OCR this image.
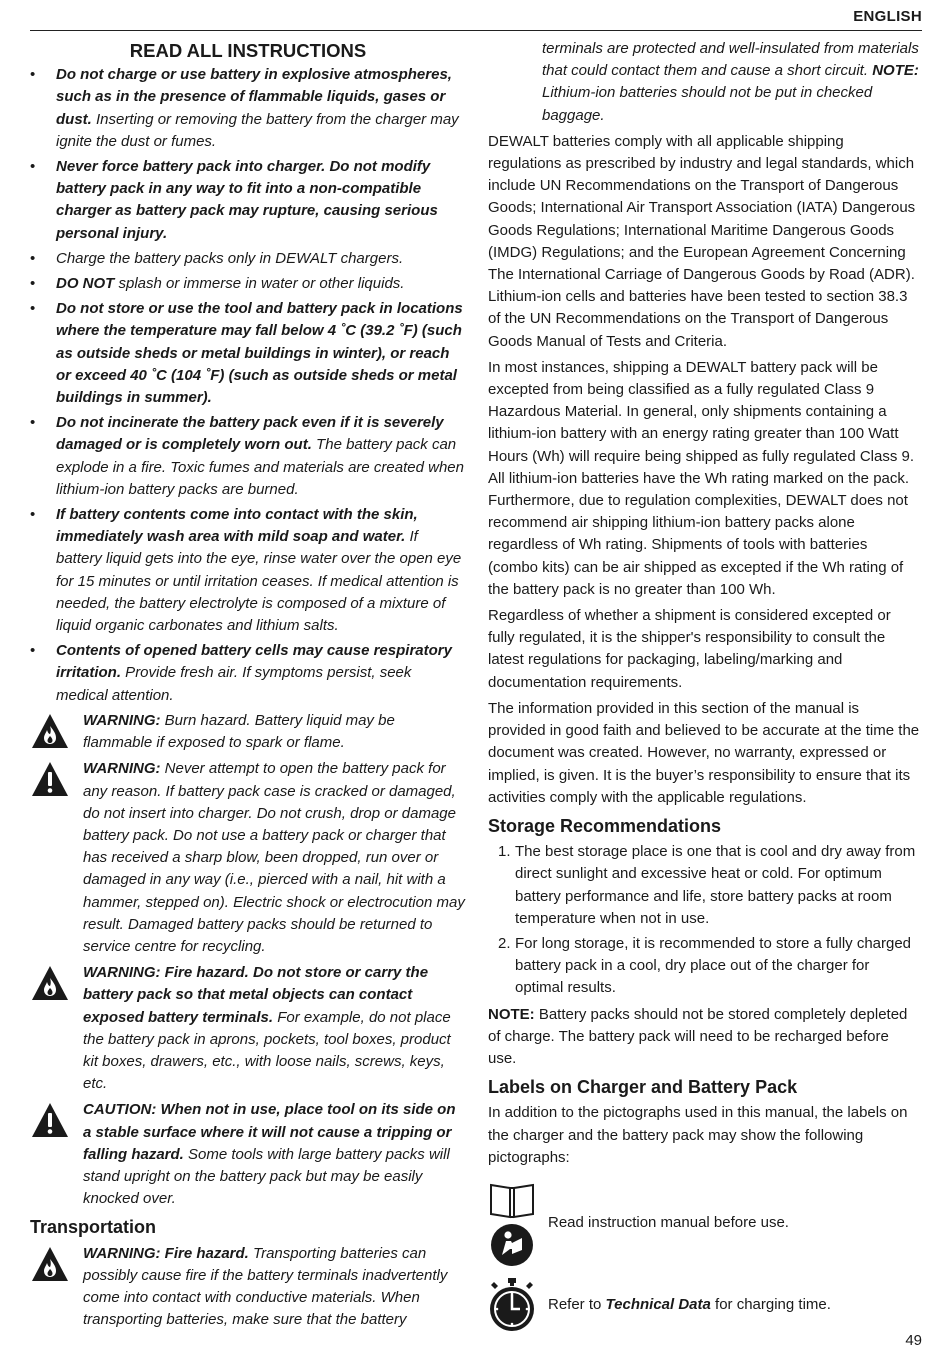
ENGLISH
READ ALL INSTRUCTIONS
• Do not charge or use battery in explosive atmospheres, such as in the presence of flammable liquids, gases or dust. Inserting or removing the battery from the charger may ignite the dust or fumes.
• Never force battery pack into charger. Do not modify battery pack in any way to fit into a non-compatible charger as battery pack may rupture, causing serious personal injury.
• Charge the battery packs only in DEWALT chargers.
• DO NOT splash or immerse in water or other liquids.
• Do not store or use the tool and battery pack in locations where the temperature may fall below 4 ˚C (39.2 ˚F) (such as outside sheds or metal buildings in winter), or reach or exceed 40 ˚C (104 ˚F) (such as outside sheds or metal buildings in summer).
• Do not incinerate the battery pack even if it is severely damaged or is completely worn out. The battery pack can explode in a fire. Toxic fumes and materials are created when lithium-ion battery packs are burned.
• If battery contents come into contact with the skin, immediately wash area with mild soap and water. If battery liquid gets into the eye, rinse water over the open eye for 15 minutes or until irritation ceases. If medical attention is needed, the battery electrolyte is composed of a mixture of liquid organic carbonates and lithium salts.
• Contents of opened battery cells may cause respiratory irritation. Provide fresh air. If symptoms persist, seek medical attention.
WARNING: Burn hazard. Battery liquid may be flammable if exposed to spark or flame.
WARNING: Never attempt to open the battery pack for any reason. If battery pack case is cracked or damaged, do not insert into charger. Do not crush, drop or damage battery pack. Do not use a battery pack or charger that has received a sharp blow, been dropped, run over or damaged in any way (i.e., pierced with a nail, hit with a hammer, stepped on). Electric shock or electrocution may result. Damaged battery packs should be returned to service centre for recycling.
WARNING: Fire hazard. Do not store or carry the battery pack so that metal objects can contact exposed battery terminals. For example, do not place the battery pack in aprons, pockets, tool boxes, product kit boxes, drawers, etc., with loose nails, screws, keys, etc.
CAUTION: When not in use, place tool on its side on a stable surface where it will not cause a tripping or falling hazard. Some tools with large battery packs will stand upright on the battery pack but may be easily knocked over.
Transportation
WARNING: Fire hazard. Transporting batteries can possibly cause fire if the battery terminals inadvertently come into contact with conductive materials. When transporting batteries, make sure that the battery
terminals are protected and well-insulated from materials that could contact them and cause a short circuit. NOTE: Lithium-ion batteries should not be put in checked baggage.

DEWALT batteries comply with all applicable shipping regulations as prescribed by industry and legal standards, which include UN Recommendations on the Transport of Dangerous Goods; International Air Transport Association (IATA) Dangerous Goods Regulations; International Maritime Dangerous Goods (IMDG) Regulations; and the European Agreement Concerning The International Carriage of Dangerous Goods by Road (ADR). Lithium-ion cells and batteries have been tested to section 38.3 of the UN Recommendations on the Transport of Dangerous Goods Manual of Tests and Criteria.

In most instances, shipping a DEWALT battery pack will be excepted from being classified as a fully regulated Class 9 Hazardous Material. In general, only shipments containing a lithium-ion battery with an energy rating greater than 100 Watt Hours (Wh) will require being shipped as fully regulated Class 9. All lithium-ion batteries have the Wh rating marked on the pack. Furthermore, due to regulation complexities, DEWALT does not recommend air shipping lithium-ion battery packs alone regardless of Wh rating. Shipments of tools with batteries (combo kits) can be air shipped as excepted if the Wh rating of the battery pack is no greater than 100 Wh.

Regardless of whether a shipment is considered excepted or fully regulated, it is the shipper's responsibility to consult the latest regulations for packaging, labeling/marking and documentation requirements.

The information provided in this section of the manual is provided in good faith and believed to be accurate at the time the document was created. However, no warranty, expressed or implied, is given. It is the buyer’s responsibility to ensure that its activities comply with the applicable regulations.

Storage Recommendations
1. The best storage place is one that is cool and dry away from direct sunlight and excessive heat or cold. For optimum battery performance and life, store battery packs at room temperature when not in use.
2. For long storage, it is recommended to store a fully charged battery pack in a cool, dry place out of the charger for optimal results.

NOTE: Battery packs should not be stored completely depleted of charge. The battery pack will need to be recharged before use.

Labels on Charger and Battery Pack

In addition to the pictographs used in this manual, the labels on the charger and the battery pack may show the following pictographs:

Read instruction manual before use.
Refer to Technical Data for charging time.
49
